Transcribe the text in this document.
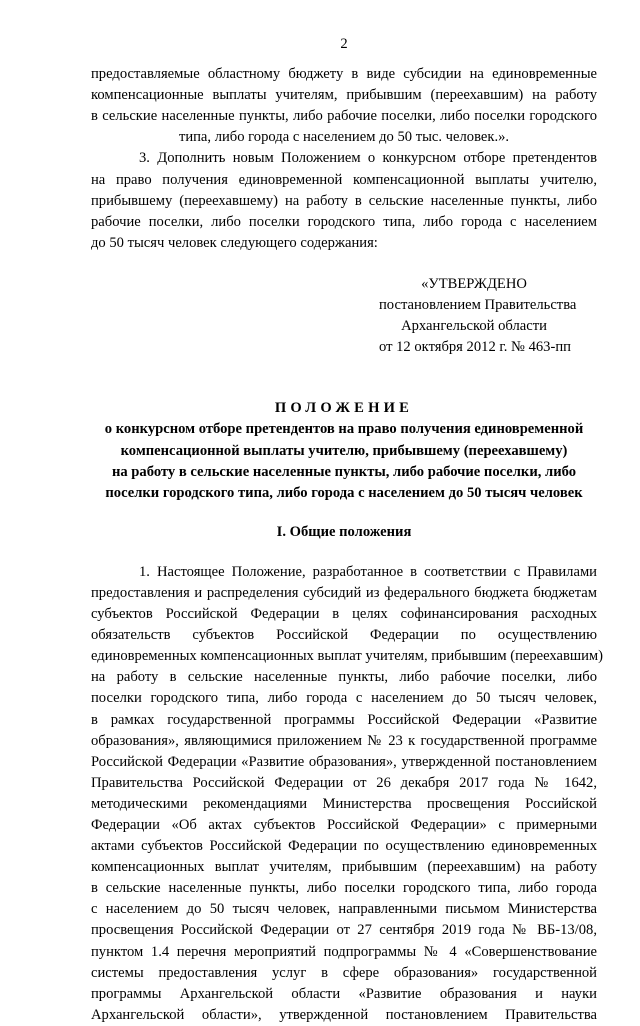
2
предоставляемые областному бюджету в виде субсидии на единовременные
компенсационные выплаты учителям, прибывшим (переехавшим) на работу
в сельские населенные пункты, либо рабочие поселки, либо поселки городского
типа, либо города с населением до 50 тыс. человек.».
3. Дополнить новым Положением о конкурсном отборе претендентов
на право получения единовременной компенсационной выплаты учителю,
прибывшему (переехавшему) на работу в сельские населенные пункты, либо
рабочие поселки, либо поселки городского типа, либо города с населением
до 50 тысяч человек следующего содержания:
«УТВЕРЖДЕНО
постановлением Правительства
Архангельской области
от 12 октября 2012 г. № 463-пп
ПОЛОЖЕНИЕ
о конкурсном отборе претендентов на право получения единовременной
компенсационной выплаты учителю, прибывшему (переехавшему)
на работу в сельские населенные пункты, либо рабочие поселки, либо
поселки городского типа, либо города с населением до 50 тысяч человек
I. Общие положения
1. Настоящее Положение, разработанное в соответствии с Правилами
предоставления и распределения субсидий из федерального бюджета бюджетам
субъектов Российской Федерации в целях софинансирования расходных
обязательств субъектов Российской Федерации по осуществлению
единовременных компенсационных выплат учителям, прибывшим (переехавшим)
на работу в сельские населенные пункты, либо рабочие поселки, либо
поселки городского типа, либо города с населением до 50 тысяч человек,
в рамках государственной программы Российской Федерации «Развитие
образования», являющимися приложением № 23 к государственной программе
Российской Федерации «Развитие образования», утвержденной постановлением
Правительства Российской Федерации от 26 декабря 2017 года № 1642,
методическими рекомендациями Министерства просвещения Российской
Федерации «Об актах субъектов Российской Федерации» с примерными
актами субъектов Российской Федерации по осуществлению единовременных
компенсационных выплат учителям, прибывшим (переехавшим) на работу
в сельские населенные пункты, либо поселки городского типа, либо города
с населением до 50 тысяч человек, направленными письмом Министерства
просвещения Российской Федерации от 27 сентября 2019 года № ВБ-13/08,
пунктом 1.4 перечня мероприятий подпрограммы № 4 «Совершенствование
системы предоставления услуг в сфере образования» государственной
программы Архангельской области «Развитие образования и науки
Архангельской области», утвержденной постановлением Правительства
